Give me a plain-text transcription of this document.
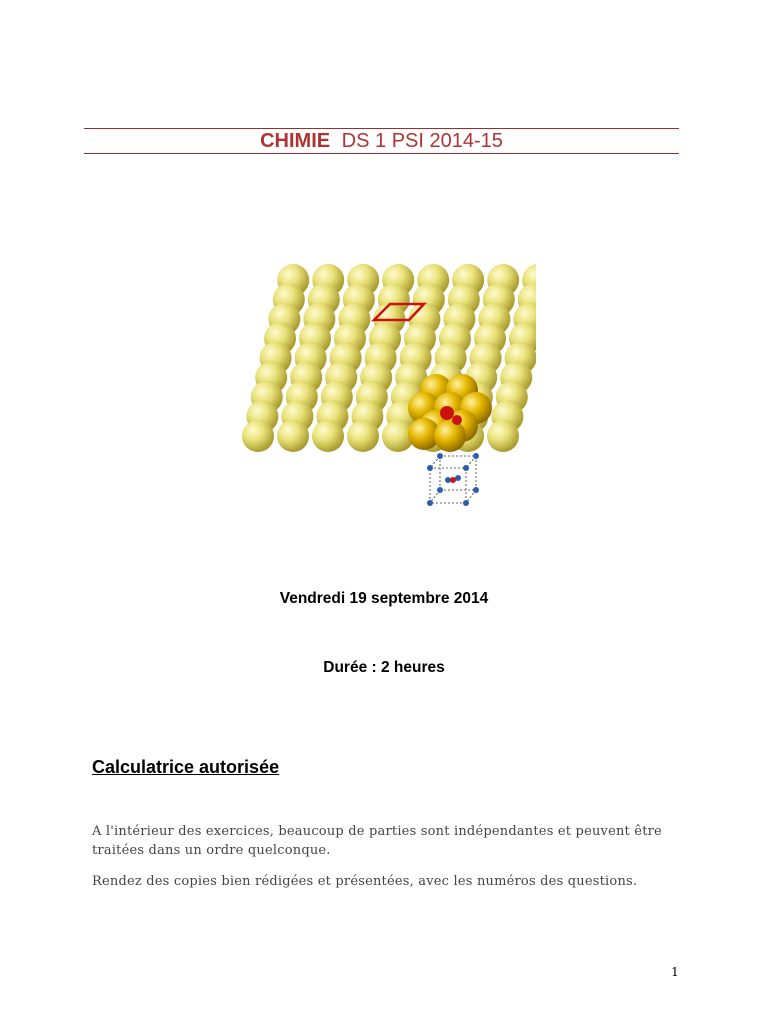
CHIMIE DS 1 PSI 2014-15
Vendredi 19 septembre 2014
Durée : 2 heures
Calculatrice autorisée
A l'intérieur des exercices, beaucoup de parties sont indépendantes et peuvent être traitées dans un ordre quelconque.
Rendez des copies bien rédigées et présentées, avec les numéros des questions.
1
